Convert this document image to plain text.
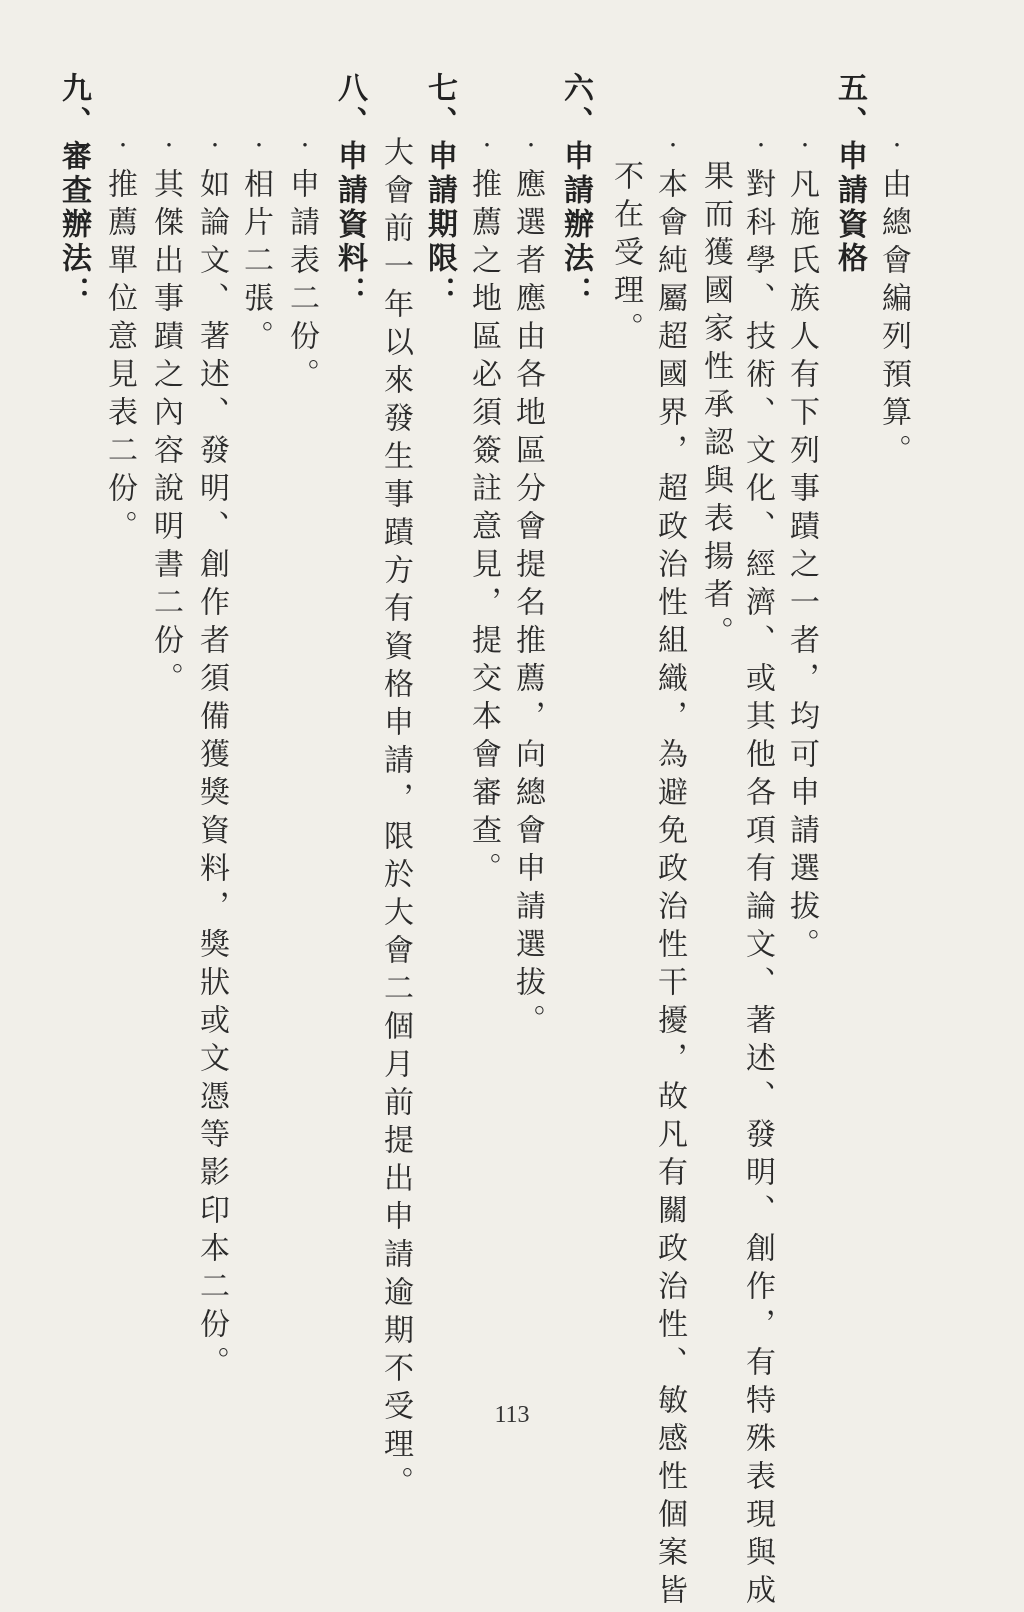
‧由總會編列預算。
五、申請資格
‧凡施氏族人有下列事蹟之一者，均可申請選拔。
‧對科學、技術、文化、經濟、或其他各項有論文、著述、發明、創作，有特殊表現與成
果而獲國家性承認與表揚者。
‧本會純屬超國界，超政治性組織，為避免政治性干擾，故凡有關政治性、敏感性個案皆
不在受理。
六、申請辦法：
‧應選者應由各地區分會提名推薦，向總會申請選拔。
‧推薦之地區必須簽註意見，提交本會審查。
七、申請期限：
大會前一年以來發生事蹟方有資格申請，限於大會二個月前提出申請逾期不受理。
八、申請資料：
‧申請表二份。
‧相片二張。
‧如論文、著述、發明、創作者須備獲獎資料，獎狀或文憑等影印本二份。
‧其傑出事蹟之內容說明書二份。
‧推薦單位意見表二份。
九、審查辦法：
113
